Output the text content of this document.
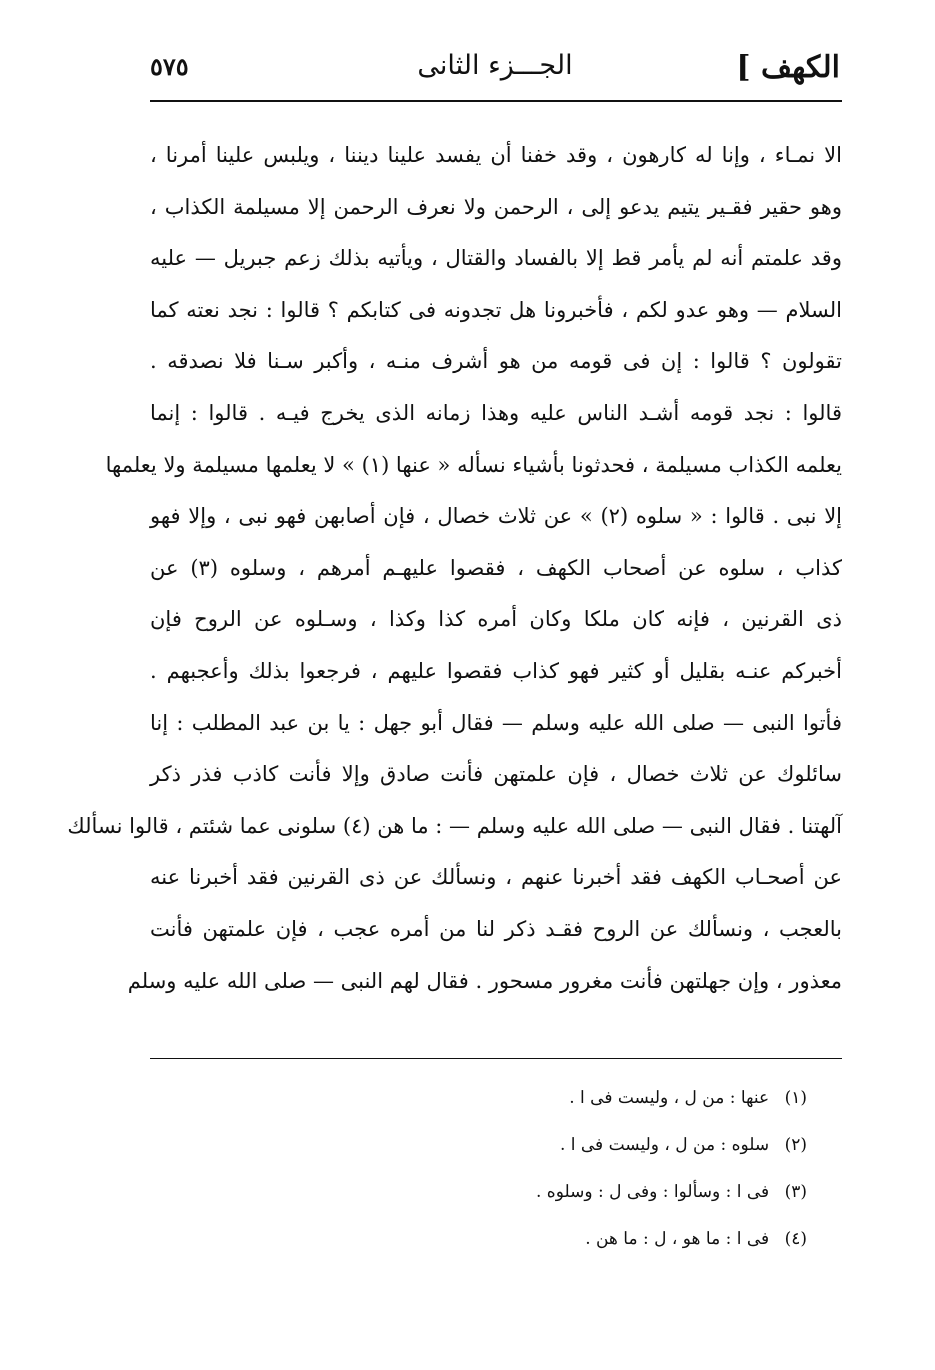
الكهف ]
الجـــزء الثانى
٥٧٥
الا نمـاء ، وإنا له كارهون ، وقد خفنا أن يفسد علينا ديننا ، ويلبس علينا أمرنا ،
وهو حقير فقـير يتيم يدعو إلى ، الرحمن ولا نعرف الرحمن إلا مسيلمة الكذاب ،
وقد علمتم أنه لم يأمر قط إلا بالفساد والقتال ، ويأتيه بذلك زعم جبريل — عليه
السلام — وهو عدو لكم ، فأخبرونا هل تجدونه فى كتابكم ؟ قالوا : نجد نعته كما
تقولون ؟ قالوا : إن فى قومه من هو أشرف منـه ، وأكبر سـنا فلا نصدقه .
قالوا : نجد قومه أشـد الناس عليه وهذا زمانه الذى يخرج فيـه . قالوا : إنما
يعلمه الكذاب مسيلمة ، فحدثونا بأشياء نسأله « عنها (١) » لا يعلمها مسيلمة ولا يعلمها
إلا نبى . قالوا : « سلوه (٢) » عن ثلاث خصال ، فإن أصابهن فهو نبى ، وإلا فهو
كذاب ، سلوه عن أصحاب الكهف ، فقصوا عليهـم أمرهم ، وسلوه (٣) عن
ذى القرنين ، فإنه كان ملكا وكان أمره كذا وكذا ، وسـلوه عن الروح فإن
أخبركم عنـه بقليل أو كثير فهو كذاب فقصوا عليهم ، فرجعوا بذلك وأعجبهم .
فأتوا النبى — صلى الله عليه وسلم — فقال أبو جهل : يا بن عبد المطلب : إنا
سائلوك عن ثلاث خصال ، فإن علمتهن فأنت صادق وإلا فأنت كاذب فذر ذكر
آلهتنا . فقال النبى — صلى الله عليه وسلم — : ما هن (٤) سلونى عما شئتم ، قالوا نسألك
عن أصحـاب الكهف فقد أخبرنا عنهم ، ونسألك عن ذى القرنين فقد أخبرنا عنه
بالعجب ، ونسألك عن الروح فقـد ذكر لنا من أمره عجب ، فإن علمتهن فأنت
معذور ، وإن جهلتهن فأنت مغرور مسحور . فقال لهم النبى — صلى الله عليه وسلم
(١) عنها : من ل ، وليست فى ا .
(٢) سلوه : من ل ، وليست فى ا .
(٣) فى ا : وسألوا : وفى ل : وسلوه .
(٤) فى ا : ما هو ، ل : ما هن .
